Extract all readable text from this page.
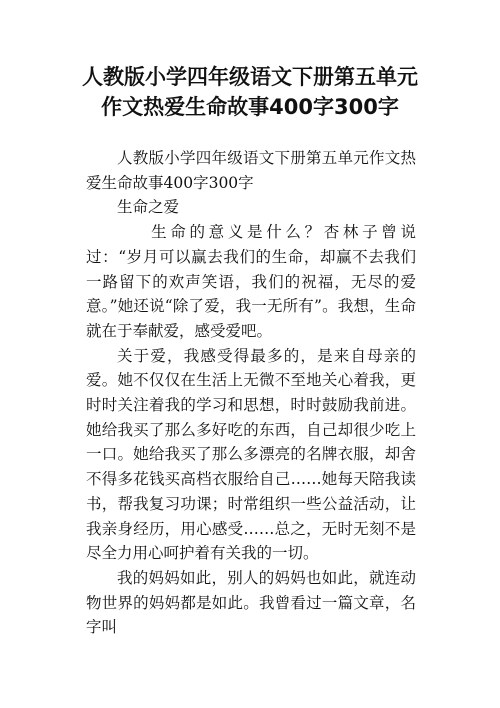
人教版小学四年级语文下册第五单元
作文热爱生命故事400字300字

人教版小学四年级语文下册第五单元作文热爱生命故事400字300字

生命之爱

生命的意义是什么？杏林子曾说过：“岁月可以赢去我们的生命，却赢不去我们一路留下的欢声笑语，我们的祝福，无尽的爱意。”她还说“除了爱，我一无所有”。我想，生命就在于奉献爱，感受爱吧。

关于爱，我感受得最多的，是来自母亲的爱。她不仅仅在生活上无微不至地关心着我，更时时关注着我的学习和思想，时时鼓励我前进。她给我买了那么多好吃的东西，自己却很少吃上一口。她给我买了那么多漂亮的名牌衣服，却舍不得多花钱买高档衣服给自己……她每天陪我读书，帮我复习功课；时常组织一些公益活动，让我亲身经历，用心感受……总之，无时无刻不是尽全力用心呵护着有关我的一切。

我的妈妈如此，别人的妈妈也如此，就连动物世界的妈妈都是如此。我曾看过一篇文章，名字叫
